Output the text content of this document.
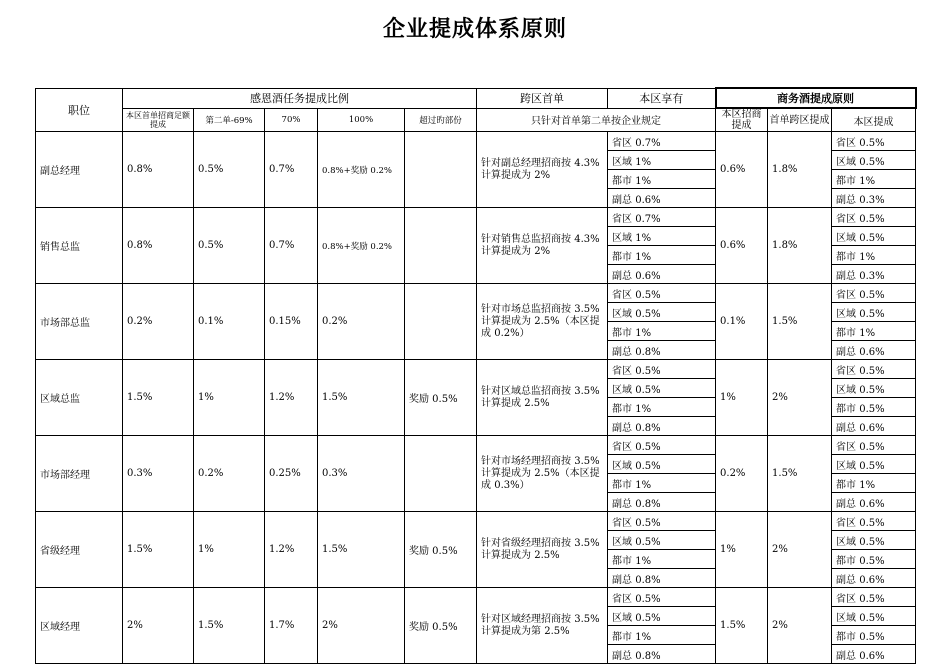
企业提成体系原则
职位	感恩酒任务提成比例					跨区首单	本区享有	商务酒提成原则		
	本区首单招商足额提成	第二单-69%	70%	100%	超过旳部份	只针对首单第二单按企业规定		本区招商提成	首单跨区提成	本区提成
副总经理	0.8%	0.5%	0.7%	0.8%+奖励 0.2%		针对副总经理招商按 4.3%计算提成为 2%	省区 0.7%	0.6%	1.8%	省区 0.5%
							区域 1%			区域 0.5%
							都市 1%			都市 1%
							副总 0.6%			副总 0.3%
销售总监	0.8%	0.5%	0.7%	0.8%+奖励 0.2%		针对销售总监招商按 4.3%计算提成为 2%	省区 0.7%	0.6%	1.8%	省区 0.5%
							区域 1%			区域 0.5%
							都市 1%			都市 1%
							副总 0.6%			副总 0.3%
市场部总监	0.2%	0.1%	0.15%	0.2%		针对市场总监招商按 3.5%计算提成为 2.5%（本区提成 0.2%）	省区 0.5%	0.1%	1.5%	省区 0.5%
							区域 0.5%			区域 0.5%
							都市 1%			都市 1%
							副总 0.8%			副总 0.6%
区域总监	1.5%	1%	1.2%	1.5%	奖励 0.5%	针对区域总监招商按 3.5%计算提成 2.5%	省区 0.5%	1%	2%	省区 0.5%
							区域 0.5%			区域 0.5%
							都市 1%			都市 0.5%
							副总 0.8%			副总 0.6%
市场部经理	0.3%	0.2%	0.25%	0.3%		针对市场经理招商按 3.5%计算提成为 2.5%（本区提成 0.3%）	省区 0.5%	0.2%	1.5%	省区 0.5%
							区域 0.5%			区域 0.5%
							都市 1%			都市 1%
							副总 0.8%			副总 0.6%
省级经理	1.5%	1%	1.2%	1.5%	奖励 0.5%	针对省级经理招商按 3.5%计算提成为 2.5%	省区 0.5%	1%	2%	省区 0.5%
							区域 0.5%			区域 0.5%
							都市 1%			都市 0.5%
							副总 0.8%			副总 0.6%
区域经理	2%	1.5%	1.7%	2%	奖励 0.5%	针对区域经理招商按 3.5%计算提成为第 2.5%	省区 0.5%	1.5%	2%	省区 0.5%
							区域 0.5%			区域 0.5%
							都市 1%			都市 0.5%
							副总 0.8%			副总 0.6%
